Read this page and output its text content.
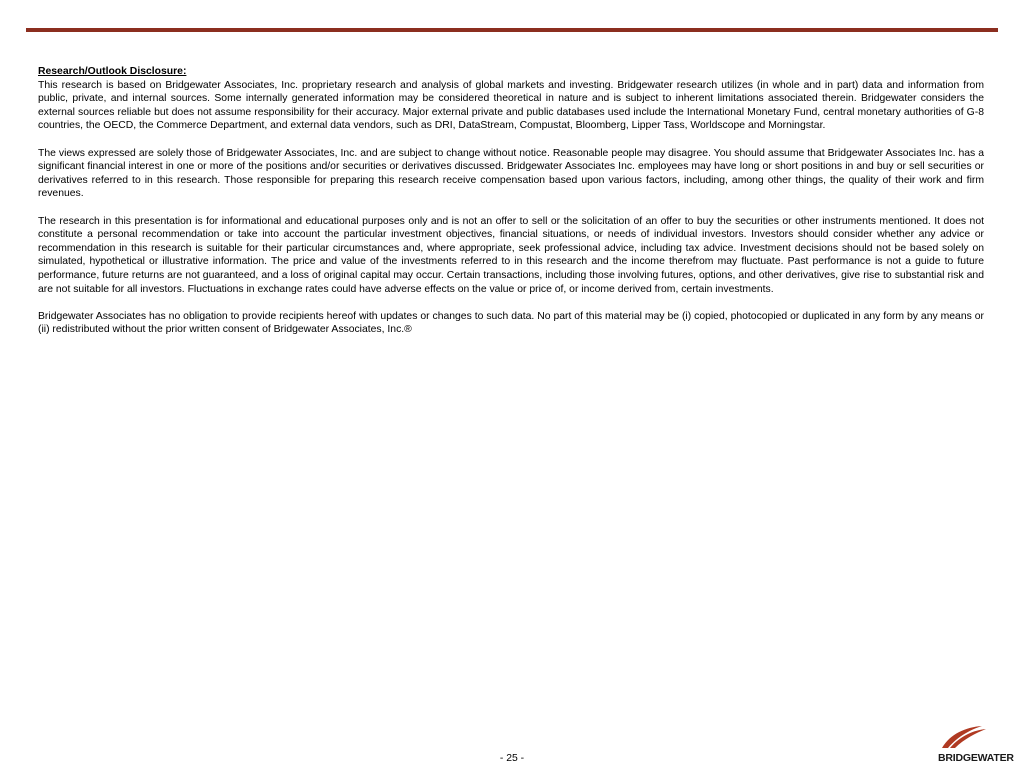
Research/Outlook Disclosure:

This research is based on Bridgewater Associates, Inc. proprietary research and analysis of global markets and investing. Bridgewater research utilizes (in whole and in part) data and information from public, private, and internal sources. Some internally generated information may be considered theoretical in nature and is subject to inherent limitations associated therein. Bridgewater considers the external sources reliable but does not assume responsibility for their accuracy. Major external private and public databases used include the International Monetary Fund, central monetary authorities of G-8 countries, the OECD, the Commerce Department, and external data vendors, such as DRI, DataStream, Compustat, Bloomberg, Lipper Tass, Worldscope and Morningstar.

The views expressed are solely those of Bridgewater Associates, Inc. and are subject to change without notice. Reasonable people may disagree. You should assume that Bridgewater Associates Inc. has a significant financial interest in one or more of the positions and/or securities or derivatives discussed. Bridgewater Associates Inc. employees may have long or short positions in and buy or sell securities or derivatives referred to in this research. Those responsible for preparing this research receive compensation based upon various factors, including, among other things, the quality of their work and firm revenues.

The research in this presentation is for informational and educational purposes only and is not an offer to sell or the solicitation of an offer to buy the securities or other instruments mentioned. It does not constitute a personal recommendation or take into account the particular investment objectives, financial situations, or needs of individual investors. Investors should consider whether any advice or recommendation in this research is suitable for their particular circumstances and, where appropriate, seek professional advice, including tax advice. Investment decisions should not be based solely on simulated, hypothetical or illustrative information. The price and value of the investments referred to in this research and the income therefrom may fluctuate. Past performance is not a guide to future performance, future returns are not guaranteed, and a loss of original capital may occur. Certain transactions, including those involving futures, options, and other derivatives, give rise to substantial risk and are not suitable for all investors. Fluctuations in exchange rates could have adverse effects on the value or price of, or income derived from, certain investments.

Bridgewater Associates has no obligation to provide recipients hereof with updates or changes to such data. No part of this material may be (i) copied, photocopied or duplicated in any form by any means or (ii) redistributed without the prior written consent of Bridgewater Associates, Inc.®

- 25 -	BRIDGEWATER
